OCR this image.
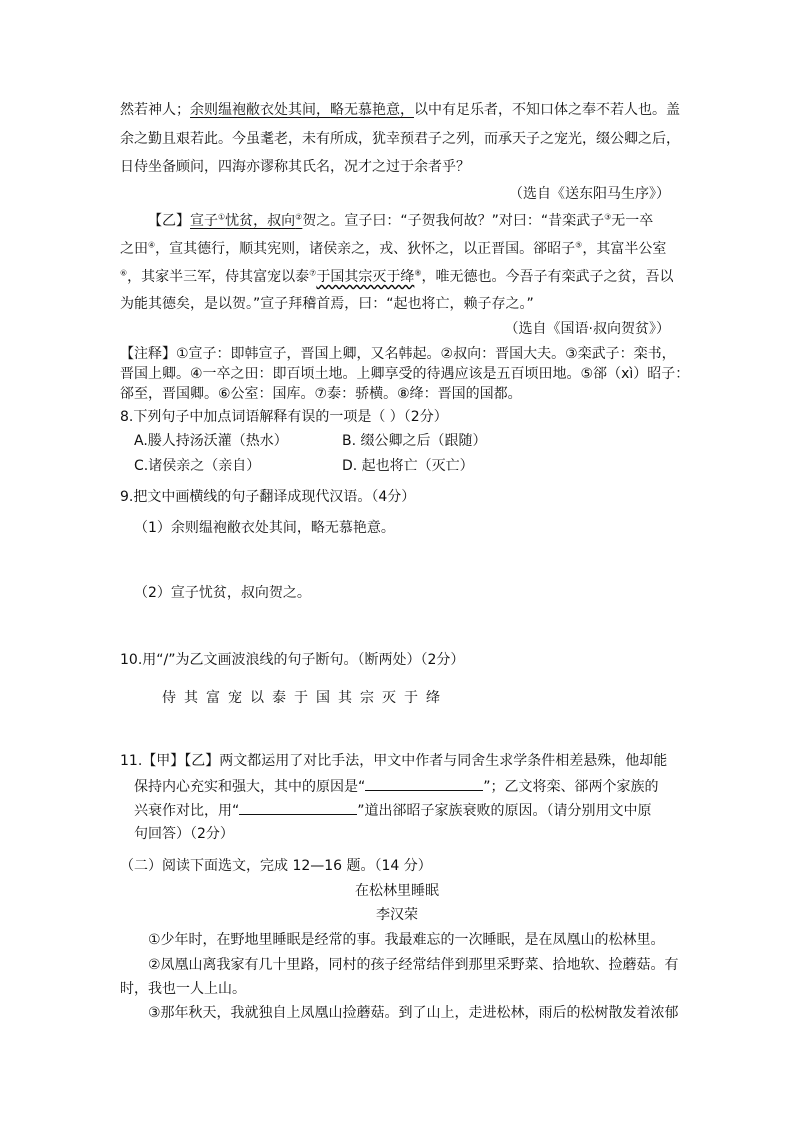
然若神人；余则缊袍敝衣处其间，略无慕艳意，以中有足乐者，不知口体之奉不若人也。盖
余之勤且艰若此。今虽耄老，未有所成，犹幸预君子之列，而承天子之宠光，缀公卿之后，
日侍坐备顾问，四海亦谬称其氏名，况才之过于余者乎？
（选自《送东阳马生序》）
【乙】宣子①忧贫，叔向②贺之。宣子曰：“子贺我何故？”对曰：“昔栾武子③无一卒
之田④，宣其德行，顺其宪则，诸侯亲之，戎、狄怀之，以正晋国。郤昭子⑤，其富半公室
⑥，其家半三军，侍其富宠以泰⑦于国其宗灭于绛⑧，唯无德也。今吾子有栾武子之贫，吾以
为能其德矣，是以贺。”宣子拜稽首焉，曰：“起也将亡，赖子存之。”
（选自《国语·叔向贺贫》）
【注释】①宣子：即韩宣子，晋国上卿，又名韩起。②叔向：晋国大夫。③栾武子：栾书，
晋国上卿。④一卒之田：即百顷土地。上卿享受的待遇应该是五百顷田地。⑤郤（xì）昭子：
郤至，晋国卿。⑥公室：国库。⑦泰：骄横。⑧绛：晋国的国都。
8.下列句子中加点词语解释有误的一项是（ ）（2分）
A.媵人持汤沃灌（热水）	B. 缀公卿之后（跟随）
C.诸侯亲之（亲自）	D. 起也将亡（灭亡）
9.把文中画横线的句子翻译成现代汉语。（4分）
（1）余则缊袍敝衣处其间，略无慕艳意。
（2）宣子忧贫，叔向贺之。
10.用“/”为乙文画波浪线的句子断句。（断两处）（2分）
侍其富宠以泰于国其宗灭于绛
11.【甲】【乙】两文都运用了对比手法，甲文中作者与同舍生求学条件相差悬殊，他却能
保持内心充实和强大，其中的原因是“	”；乙文将栾、郤两个家族的
兴衰作对比，用“	”道出郤昭子家族衰败的原因。（请分别用文中原
句回答）（2分）
（二）阅读下面选文，完成 12—16 题。（14 分）
在松林里睡眠
李汉荣
①少年时，在野地里睡眠是经常的事。我最难忘的一次睡眠，是在凤凰山的松林里。
②凤凰山离我家有几十里路，同村的孩子经常结伴到那里采野菜、拾地软、捡蘑菇。有
时，我也一人上山。
③那年秋天，我就独自上凤凰山捡蘑菇。到了山上，走进松林，雨后的松树散发着浓郁
